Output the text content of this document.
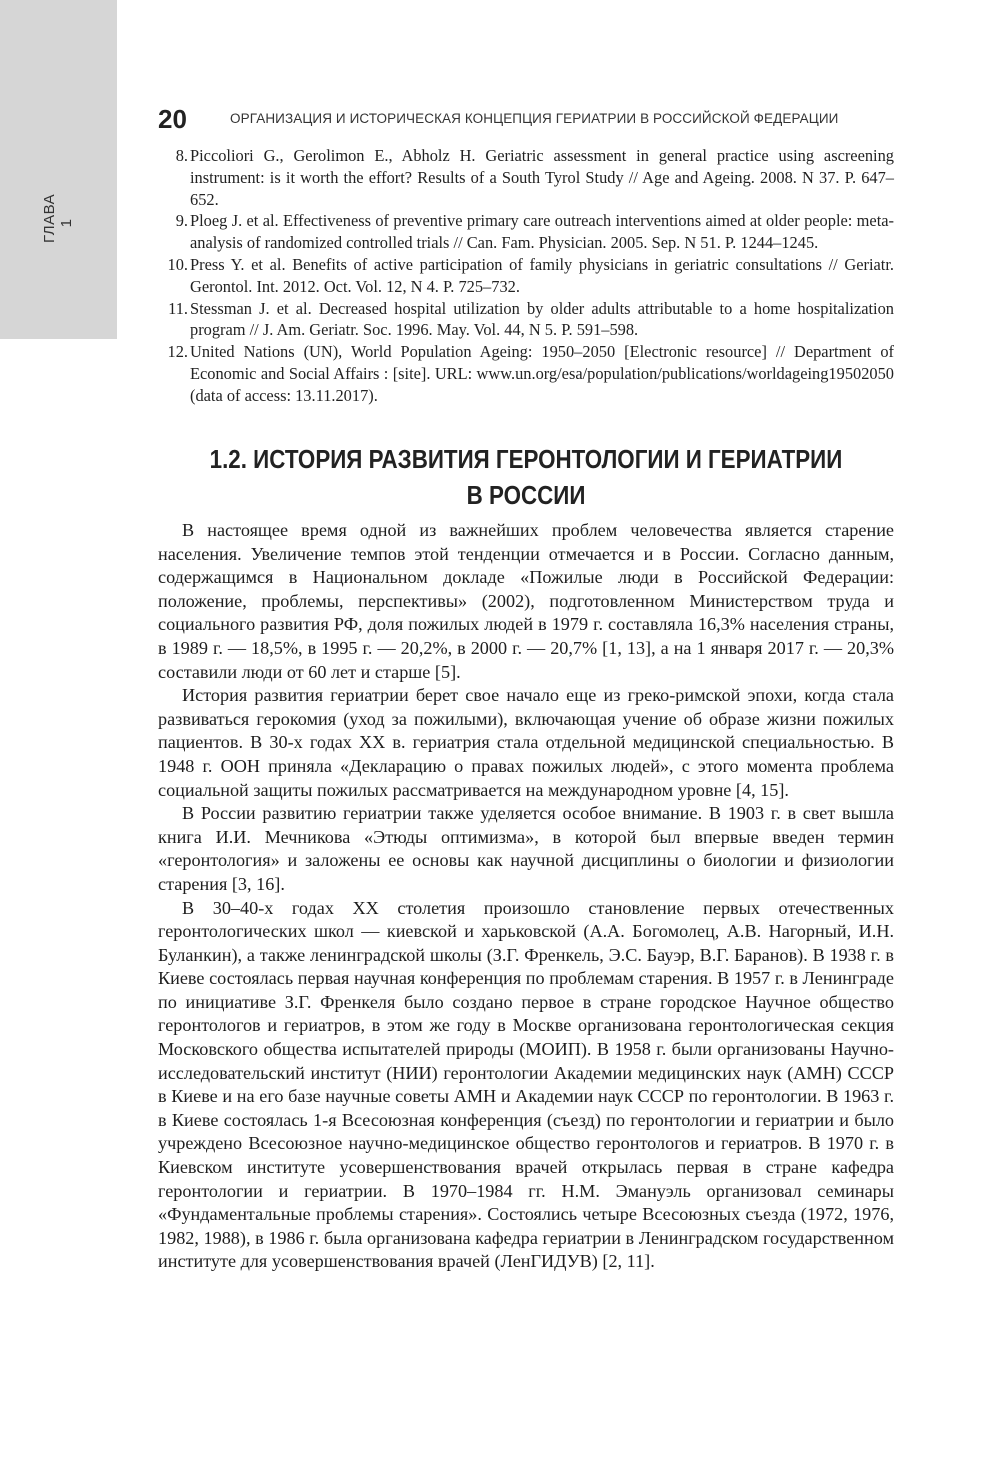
ГЛАВА 1
20	ОРГАНИЗАЦИЯ И ИСТОРИЧЕСКАЯ КОНЦЕПЦИЯ ГЕРИАТРИИ В РОССИЙСКОЙ ФЕДЕРАЦИИ
8. Piccoliori G., Gerolimon E., Abholz H. Geriatric assessment in general practice using ascreening instrument: is it worth the effort? Results of a South Tyrol Study // Age and Ageing. 2008. N 37. P. 647–652.
9. Ploeg J. et al. Effectiveness of preventive primary care outreach interventions aimed at older people: meta-analysis of randomized controlled trials // Can. Fam. Physician. 2005. Sep. N 51. P. 1244–1245.
10. Press Y. et al. Benefits of active participation of family physicians in geriatric consultations // Geriatr. Gerontol. Int. 2012. Oct. Vol. 12, N 4. P. 725–732.
11. Stessman J. et al. Decreased hospital utilization by older adults attributable to a home hospitalization program // J. Am. Geriatr. Soc. 1996. May. Vol. 44, N 5. P. 591–598.
12. United Nations (UN), World Population Ageing: 1950–2050 [Electronic resource] // Department of Economic and Social Affairs : [site]. URL: www.un.org/esa/population/publications/worldageing19502050 (data of access: 13.11.2017).
1.2. ИСТОРИЯ РАЗВИТИЯ ГЕРОНТОЛОГИИ И ГЕРИАТРИИ
В РОССИИ

В настоящее время одной из важнейших проблем человечества является старение населения. Увеличение темпов этой тенденции отмечается и в России. Согласно данным, содержащимся в Национальном докладе «Пожилые люди в Российской Федерации: положение, проблемы, перспективы» (2002), подготовленном Министерством труда и социального развития РФ, доля пожилых людей в 1979 г. составляла 16,3% населения страны, в 1989 г. — 18,5%, в 1995 г. — 20,2%, в 2000 г. — 20,7% [1, 13], а на 1 января 2017 г. — 20,3% составили люди от 60 лет и старше [5].

История развития гериатрии берет свое начало еще из греко-римской эпохи, когда стала развиваться герокомия (уход за пожилыми), включающая учение об образе жизни пожилых пациентов. В 30-х годах XX в. гериатрия стала отдельной медицинской специальностью. В 1948 г. ООН приняла «Декларацию о правах пожилых людей», с этого момента проблема социальной защиты пожилых рассматривается на международном уровне [4, 15].

В России развитию гериатрии также уделяется особое внимание. В 1903 г. в свет вышла книга И.И. Мечникова «Этюды оптимизма», в которой был впервые введен термин «геронтология» и заложены ее основы как научной дисциплины о биологии и физиологии старения [3, 16].

В 30–40-х годах XX столетия произошло становление первых отечественных геронтологических школ — киевской и харьковской (А.А. Богомолец, А.В. Нагорный, И.Н. Буланкин), а также ленинградской школы (З.Г. Френкель, Э.С. Бауэр, В.Г. Баранов). В 1938 г. в Киеве состоялась первая научная конференция по проблемам старения. В 1957 г. в Ленинграде по инициативе З.Г. Френкеля было создано первое в стране городское Научное общество геронтологов и гериатров, в этом же году в Москве организована геронтологическая секция Московского общества испытателей природы (МОИП). В 1958 г. были организованы Научно-исследовательский институт (НИИ) геронтологии Академии медицинских наук (АМН) СССР в Киеве и на его базе научные советы АМН и Академии наук СССР по геронтологии. В 1963 г. в Киеве состоялась 1-я Всесоюзная конференция (съезд) по геронтологии и гериатрии и было учреждено Всесоюзное научно-медицинское общество геронтологов и гериатров. В 1970 г. в Киевском институте усовершенствования врачей открылась первая в стране кафедра геронтологии и гериатрии. В 1970–1984 гг. Н.М. Эмануэль организовал семинары «Фундаментальные проблемы старения». Состоялись четыре Всесоюзных съезда (1972, 1976, 1982, 1988), в 1986 г. была организована кафедра гериатрии в Ленинградском государственном институте для усовершенствования врачей (ЛенГИДУВ) [2, 11].
